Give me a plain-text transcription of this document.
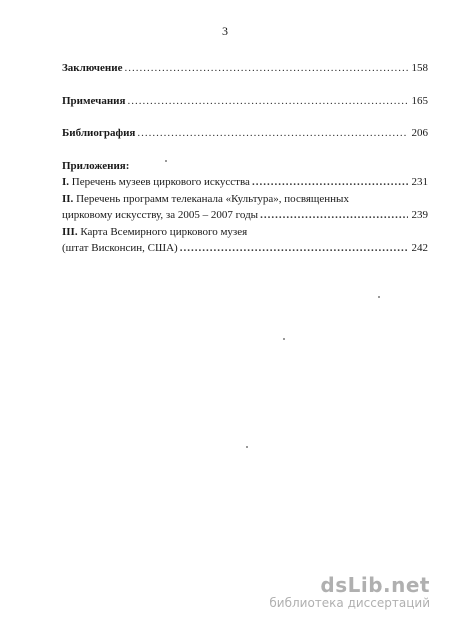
3
Заключение .....	158
Примечания .....	165
Библиография .....	206
Приложения:
I. Перечень музеев циркового искусства .....	231
II. Перечень программ телеканала «Культура», посвященных
цирковому искусству, за 2005 – 2007 годы .....	239
III. Карта Всемирного циркового музея
(штат Висконсин, США) .....	242
dsLib.net
библиотека диссертаций
